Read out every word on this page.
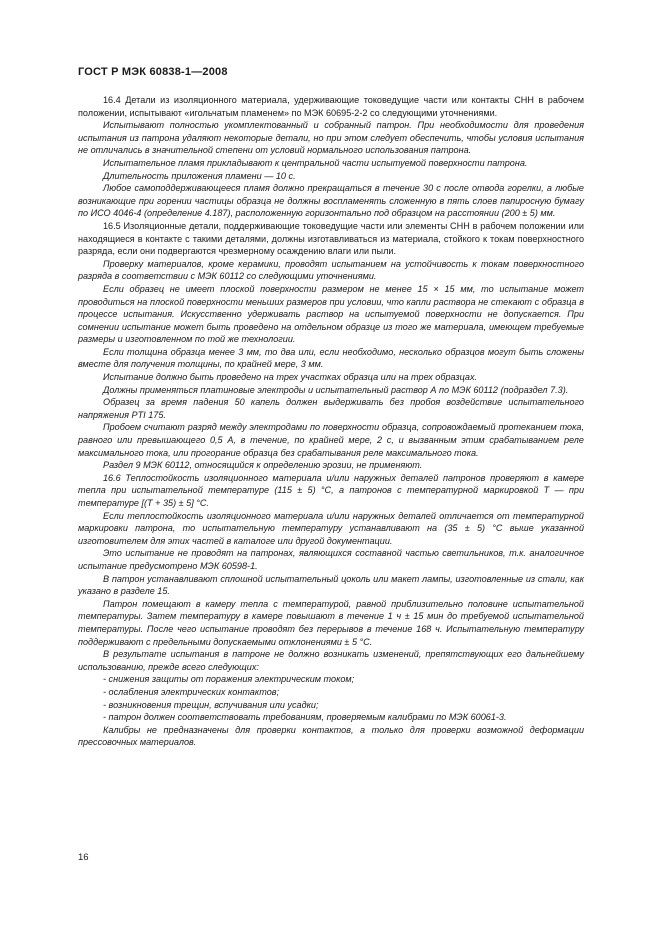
ГОСТ Р МЭК 60838-1—2008

16.4 Детали из изоляционного материала, удерживающие токоведущие части или контакты СНН в рабочем положении, испытывают «игольчатым пламенем» по МЭК 60695-2-2 со следующими уточнениями.

Испытывают полностью укомплектованный и собранный патрон. При необходимости для проведения испытания из патрона удаляют некоторые детали, но при этом следует обеспечить, чтобы условия испытания не отличались в значительной степени от условий нормального использования патрона.

Испытательное пламя прикладывают к центральной части испытуемой поверхности патрона.

Длительность приложения пламени — 10 с.

Любое самоподдерживающееся пламя должно прекращаться в течение 30 с после отвода горелки, а любые возникающие при горении частицы образца не должны воспламенять сложенную в пять слоев папиросную бумагу по ИСО 4046-4 (определение 4.187), расположенную горизонтально под образцом на расстоянии (200 ± 5) мм.

16.5 Изоляционные детали, поддерживающие токоведущие части или элементы СНН в рабочем положении или находящиеся в контакте с такими деталями, должны изготавливаться из материала, стойкого к токам поверхностного разряда, если они подвергаются чрезмерному осаждению влаги или пыли.

Проверку материалов, кроме керамики, проводят испытанием на устойчивость к токам поверхностного разряда в соответствии с МЭК 60112 со следующими уточнениями.

Если образец не имеет плоской поверхности размером не менее 15 × 15 мм, то испытание может проводиться на плоской поверхности меньших размеров при условии, что капли раствора не стекают с образца в процессе испытания. Искусственно удерживать раствор на испытуемой поверхности не допускается. При сомнении испытание может быть проведено на отдельном образце из того же материала, имеющем требуемые размеры и изготовленном по той же технологии.

Если толщина образца менее 3 мм, то два или, если необходимо, несколько образцов могут быть сложены вместе для получения толщины, по крайней мере, 3 мм.

Испытание должно быть проведено на трех участках образца или на трех образцах.

Должны применяться платиновые электроды и испытательный раствор А по МЭК 60112 (подраздел 7.3).

Образец за время падения 50 капель должен выдерживать без пробоя воздействие испытательного напряжения PTI 175.

Пробоем считают разряд между электродами по поверхности образца, сопровождаемый протеканием тока, равного или превышающего 0,5 А, в течение, по крайней мере, 2 с, и вызванным этим срабатыванием реле максимального тока, или прогорание образца без срабатывания реле максимального тока.

Раздел 9 МЭК 60112, относящийся к определению эрозии, не применяют.

16.6 Теплостойкость изоляционного материала и/или наружных деталей патронов проверяют в камере тепла при испытательной температуре (115 ± 5) °С, а патронов с температурной маркировкой Т — при температуре [(Т + 35) ± 5] °С.

Если теплостойкость изоляционного материала и/или наружных деталей отличается от температурной маркировки патрона, то испытательную температуру устанавливают на (35 ± 5) °С выше указанной изготовителем для этих частей в каталоге или другой документации.

Это испытание не проводят на патронах, являющихся составной частью светильников, т.к. аналогичное испытание предусмотрено МЭК 60598-1.

В патрон устанавливают сплошной испытательный цоколь или макет лампы, изготовленные из стали, как указано в разделе 15.

Патрон помещают в камеру тепла с температурой, равной приблизительно половине испытательной температуры. Затем температуру в камере повышают в течение 1 ч ± 15 мин до требуемой испытательной температуры. После чего испытание проводят без перерывов в течение 168 ч. Испытательную температуру поддерживают с предельными допускаемыми отклонениями ± 5 °С.

В результате испытания в патроне не должно возникать изменений, препятствующих его дальнейшему использованию, прежде всего следующих:

- снижения защиты от поражения электрическим током;

- ослабления электрических контактов;

- возникновения трещин, вспучивания или усадки;

- патрон должен соответствовать требованиям, проверяемым калибрами по МЭК 60061-3.

Калибры не предназначены для проверки контактов, а только для проверки возможной деформации прессовочных материалов.

16
